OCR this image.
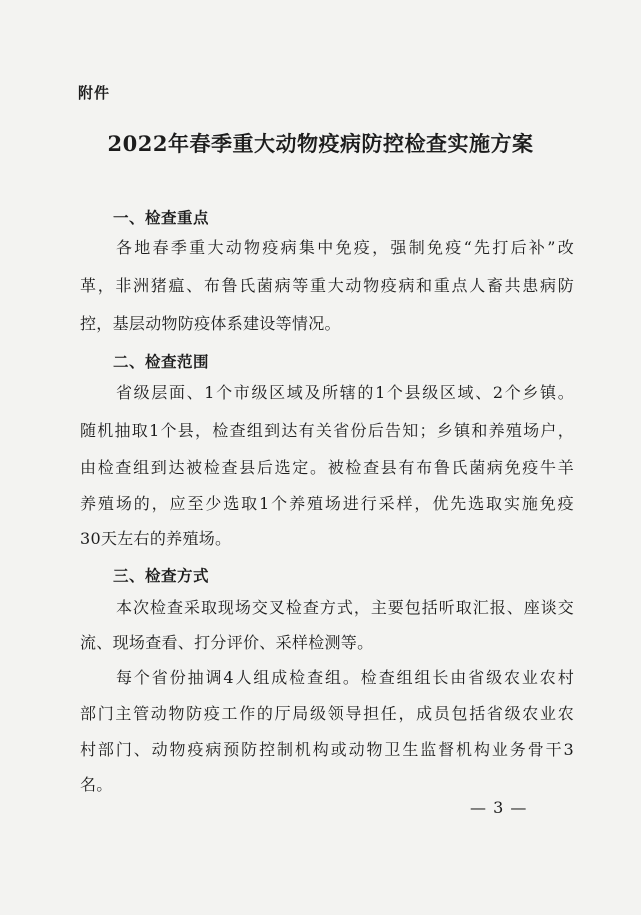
附件
2022年春季重大动物疫病防控检查实施方案
一、检查重点
各地春季重大动物疫病集中免疫，强制免疫“先打后补”改
革，非洲猪瘟、布鲁氏菌病等重大动物疫病和重点人畜共患病防
控，基层动物防疫体系建设等情况。
二、检查范围
省级层面、1个市级区域及所辖的1个县级区域、2个乡镇。
随机抽取1个县，检查组到达有关省份后告知；乡镇和养殖场户，
由检查组到达被检查县后选定。被检查县有布鲁氏菌病免疫牛羊
养殖场的，应至少选取1个养殖场进行采样，优先选取实施免疫
30天左右的养殖场。
三、检查方式
本次检查采取现场交叉检查方式，主要包括听取汇报、座谈交
流、现场查看、打分评价、采样检测等。
每个省份抽调4人组成检查组。检查组组长由省级农业农村
部门主管动物防疫工作的厅局级领导担任，成员包括省级农业农
村部门、动物疫病预防控制机构或动物卫生监督机构业务骨干3
名。
— 3 —
